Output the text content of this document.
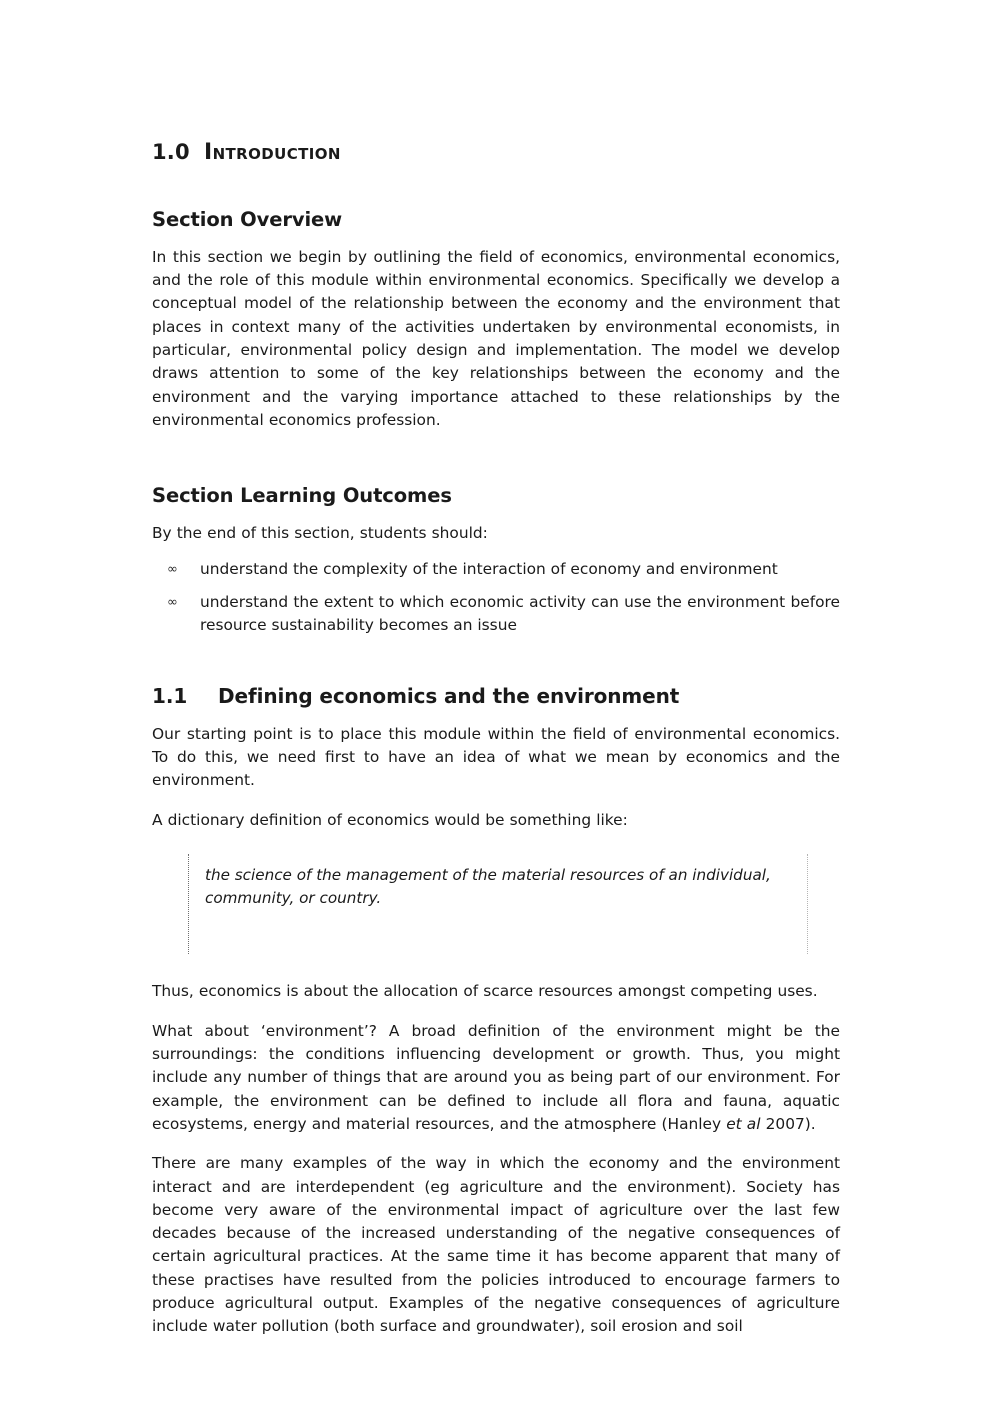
1.0 Introduction
Section Overview

In this section we begin by outlining the field of economics, environmental economics, and the role of this module within environmental economics. Specifically we develop a conceptual model of the relationship between the economy and the environment that places in context many of the activities undertaken by environmental economists, in particular, environmental policy design and implementation. The model we develop draws attention to some of the key relationships between the economy and the environment and the varying importance attached to these relationships by the environmental economics profession.

Section Learning Outcomes

By the end of this section, students should:

∞ understand the complexity of the interaction of economy and environment
∞ understand the extent to which economic activity can use the environment before resource sustainability becomes an issue
1.1 Defining economics and the environment

Our starting point is to place this module within the field of environmental economics. To do this, we need first to have an idea of what we mean by economics and the environment.

A dictionary definition of economics would be something like:

the science of the management of the material resources of an individual, community, or country.

Thus, economics is about the allocation of scarce resources amongst competing uses.

What about ‘environment’? A broad definition of the environment might be the surroundings: the conditions influencing development or growth. Thus, you might include any number of things that are around you as being part of our environment. For example, the environment can be defined to include all flora and fauna, aquatic ecosystems, energy and material resources, and the atmosphere (Hanley et al 2007).

There are many examples of the way in which the economy and the environment interact and are interdependent (eg agriculture and the environment). Society has become very aware of the environmental impact of agriculture over the last few decades because of the increased understanding of the negative consequences of certain agricultural practices. At the same time it has become apparent that many of these practises have resulted from the policies introduced to encourage farmers to produce agricultural output. Examples of the negative consequences of agriculture include water pollution (both surface and groundwater), soil erosion and soil
